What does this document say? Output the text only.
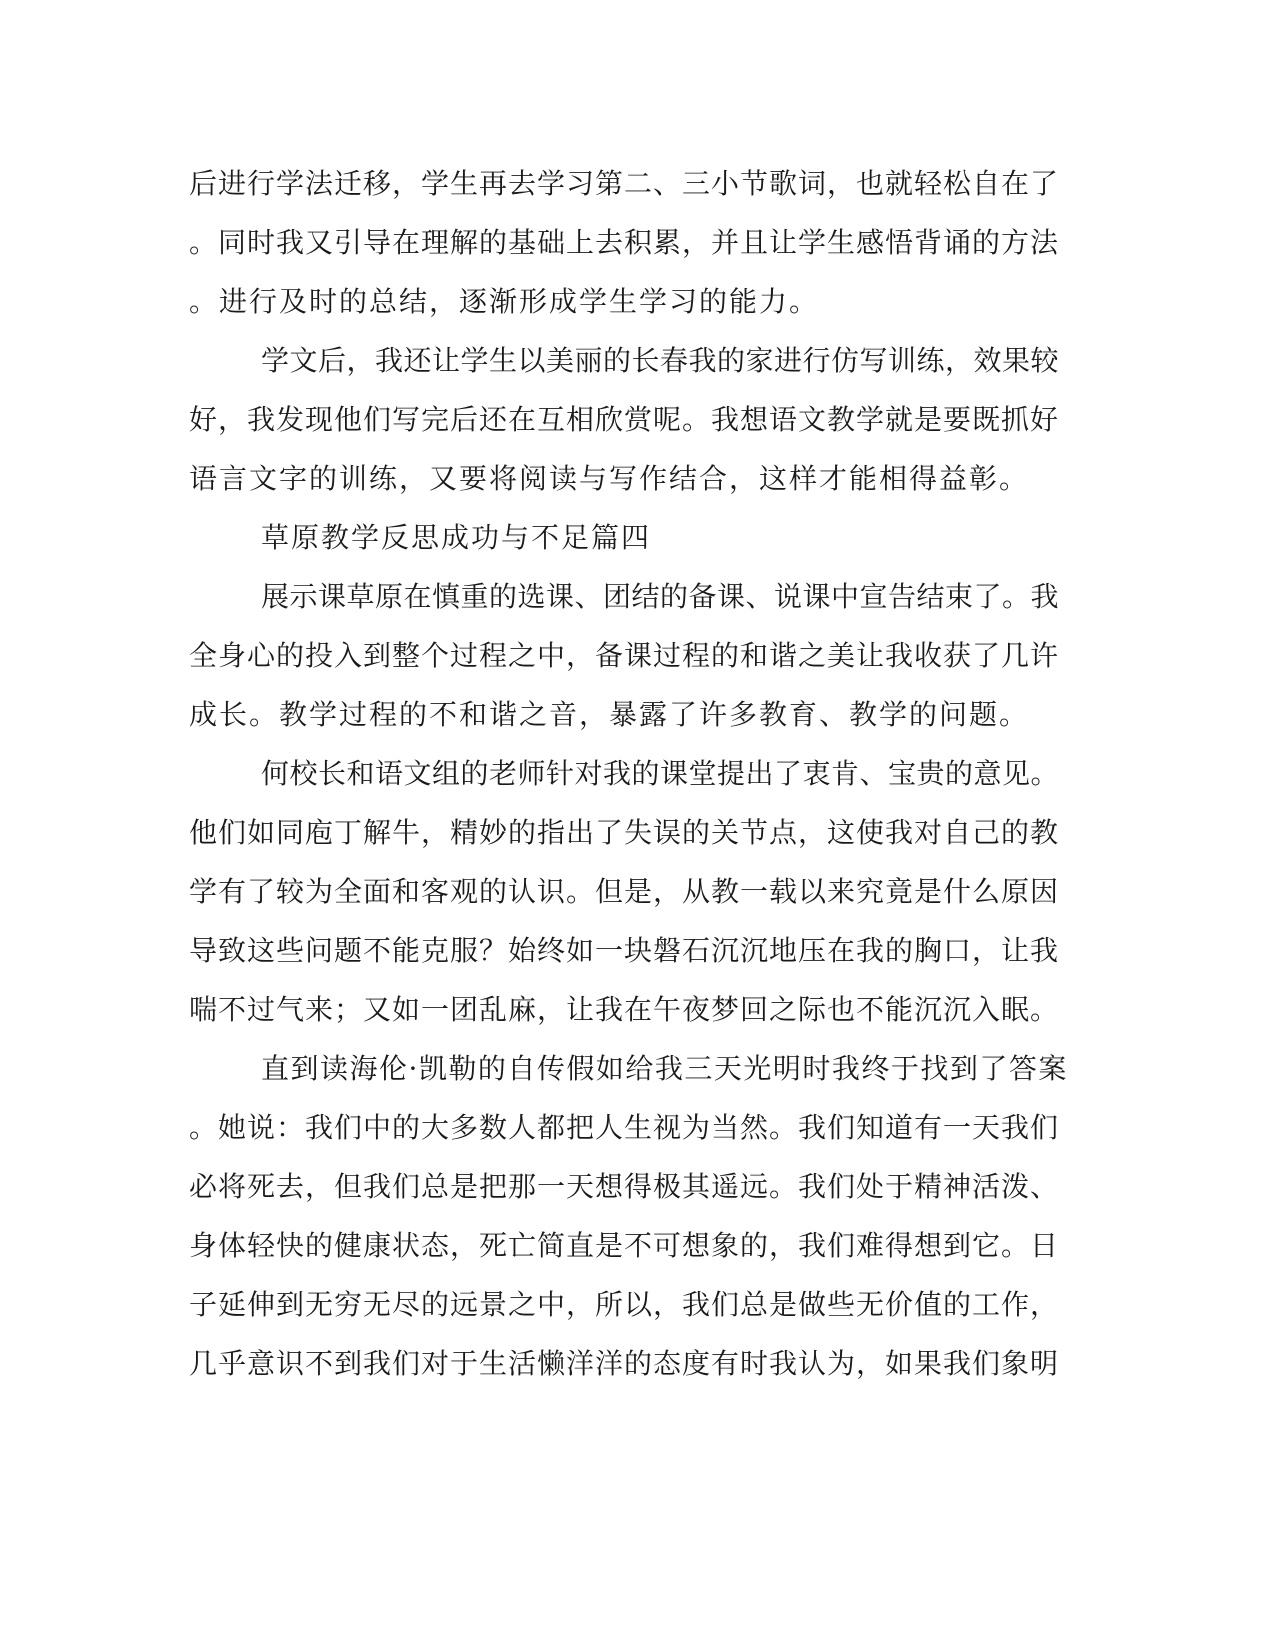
后进行学法迁移，学生再去学习第二、三小节歌词，也就轻松自在了
。同时我又引导在理解的基础上去积累，并且让学生感悟背诵的方法
。进行及时的总结，逐渐形成学生学习的能力。
学文后，我还让学生以美丽的长春我的家进行仿写训练，效果较
好，我发现他们写完后还在互相欣赏呢。我想语文教学就是要既抓好
语言文字的训练，又要将阅读与写作结合，这样才能相得益彰。
草原教学反思成功与不足篇四
展示课草原在慎重的选课、团结的备课、说课中宣告结束了。我
全身心的投入到整个过程之中，备课过程的和谐之美让我收获了几许
成长。教学过程的不和谐之音，暴露了许多教育、教学的问题。
何校长和语文组的老师针对我的课堂提出了衷肯、宝贵的意见。
他们如同庖丁解牛，精妙的指出了失误的关节点，这使我对自己的教
学有了较为全面和客观的认识。但是，从教一载以来究竟是什么原因
导致这些问题不能克服？始终如一块磐石沉沉地压在我的胸口，让我
喘不过气来；又如一团乱麻，让我在午夜梦回之际也不能沉沉入眠。
直到读海伦·凯勒的自传假如给我三天光明时我终于找到了答案
。她说：我们中的大多数人都把人生视为当然。我们知道有一天我们
必将死去，但我们总是把那一天想得极其遥远。我们处于精神活泼、
身体轻快的健康状态，死亡简直是不可想象的，我们难得想到它。日
子延伸到无穷无尽的远景之中，所以，我们总是做些无价值的工作，
几乎意识不到我们对于生活懒洋洋的态度有时我认为，如果我们象明
